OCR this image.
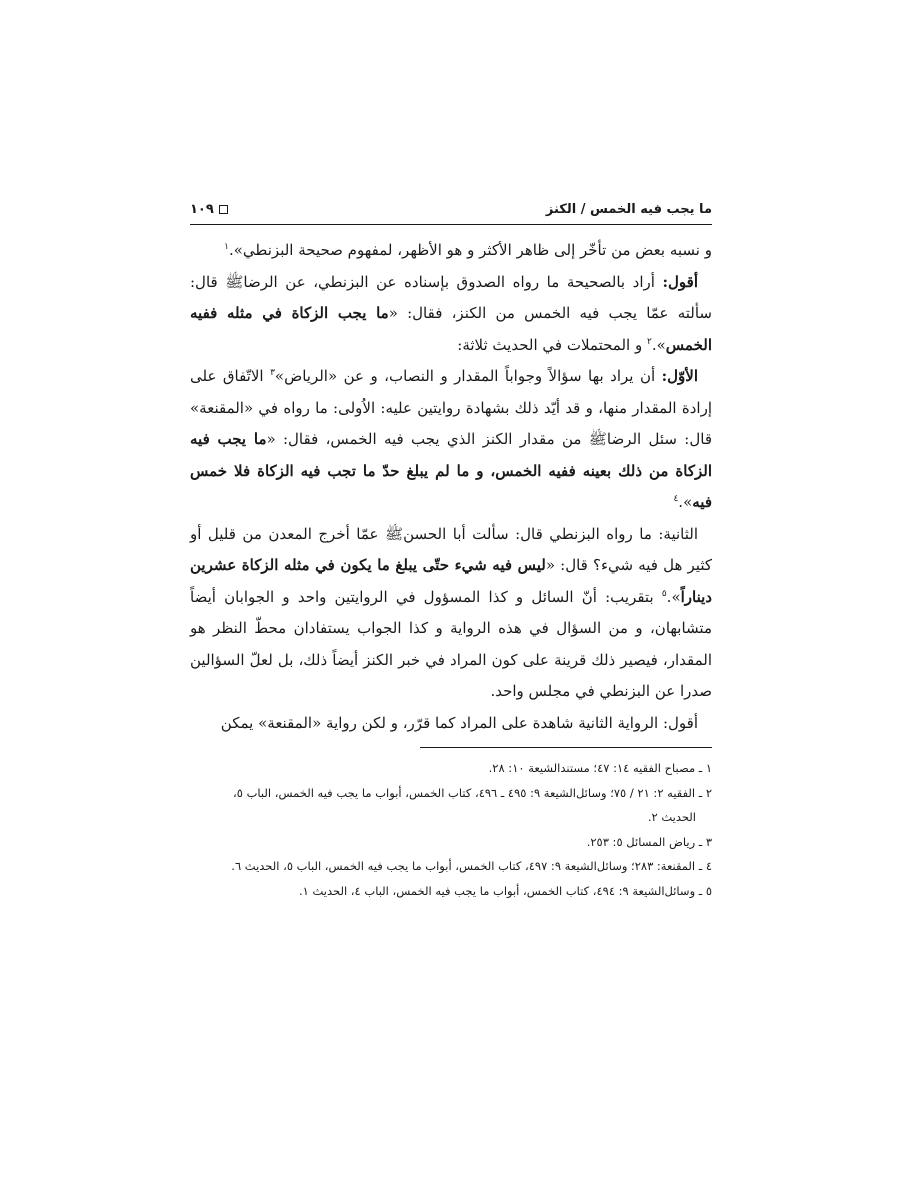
ما يجب فيه الخمس / الكنز
١٠٩

و نسبه بعض من تأخّر إلى ظاهر الأكثر و هو الأظهر، لمفهوم صحيحة البزنطي».$^١$

أقول: أراد بالصحيحة ما رواه الصدوق بإسناده عن البزنطي، عن الرضاﷺ قال: سألته عمّا يجب فيه الخمس من الكنز، فقال: «ما يجب الزكاة في مثله ففيه الخمس».$^٢$ و المحتملات في الحديث ثلاثة:

الأوّل: أن يراد بها سؤالاً وجواباً المقدار و النصاب، و عن «الرياض»$^٣$ الاتّفاق على إرادة المقدار منها، و قد أيّد ذلك بشهادة روايتين عليه: الاُولى: ما رواه في «المقنعة» قال: سئل الرضاﷺ من مقدار الكنز الذي يجب فيه الخمس، فقال: «ما يجب فيه الزكاة من ذلك بعينه ففيه الخمس، و ما لم يبلغ حدّ ما تجب فيه الزكاة فلا خمس فيه».$^٤$

الثانية: ما رواه البزنطي قال: سألت أبا الحسنﷺ عمّا أخرج المعدن من قليل أو كثير هل فيه شيء؟ قال: «ليس فيه شيء حتّى يبلغ ما يكون في مثله الزكاة عشرين ديناراً».$^٥$ بتقريب: أنّ السائل و كذا المسؤول في الروايتين واحد و الجوابان أيضاً متشابهان، و من السؤال في هذه الرواية و كذا الجواب يستفادان محطّ النظر هو المقدار، فيصير ذلك قرينة على كون المراد في خبر الكنز أيضاً ذلك، بل لعلّ السؤالين صدرا عن البزنطي في مجلس واحد.

أقول: الرواية الثانية شاهدة على المراد كما قرّر، و لكن رواية «المقنعة» يمكن

١ ـ مصباح الفقيه ١٤: ٤٧؛ مستندالشيعة ١٠: ٢٨.
٢ ـ الفقيه ٢: ٢١ / ٧٥؛ وسائل‌الشيعة ٩: ٤٩٥ ـ ٤٩٦، كتاب الخمس، أبواب ما يجب فيه الخمس، الباب ٥،
الحديث ٢.
٣ ـ رياض المسائل ٥: ٢٥٣.
٤ ـ المقنعة: ٢٨٣؛ وسائل‌الشيعة ٩: ٤٩٧، كتاب الخمس، أبواب ما يجب فيه الخمس، الباب ٥، الحديث ٦.
٥ ـ وسائل‌الشيعة ٩: ٤٩٤، كتاب الخمس، أبواب ما يجب فيه الخمس، الباب ٤، الحديث ١.
